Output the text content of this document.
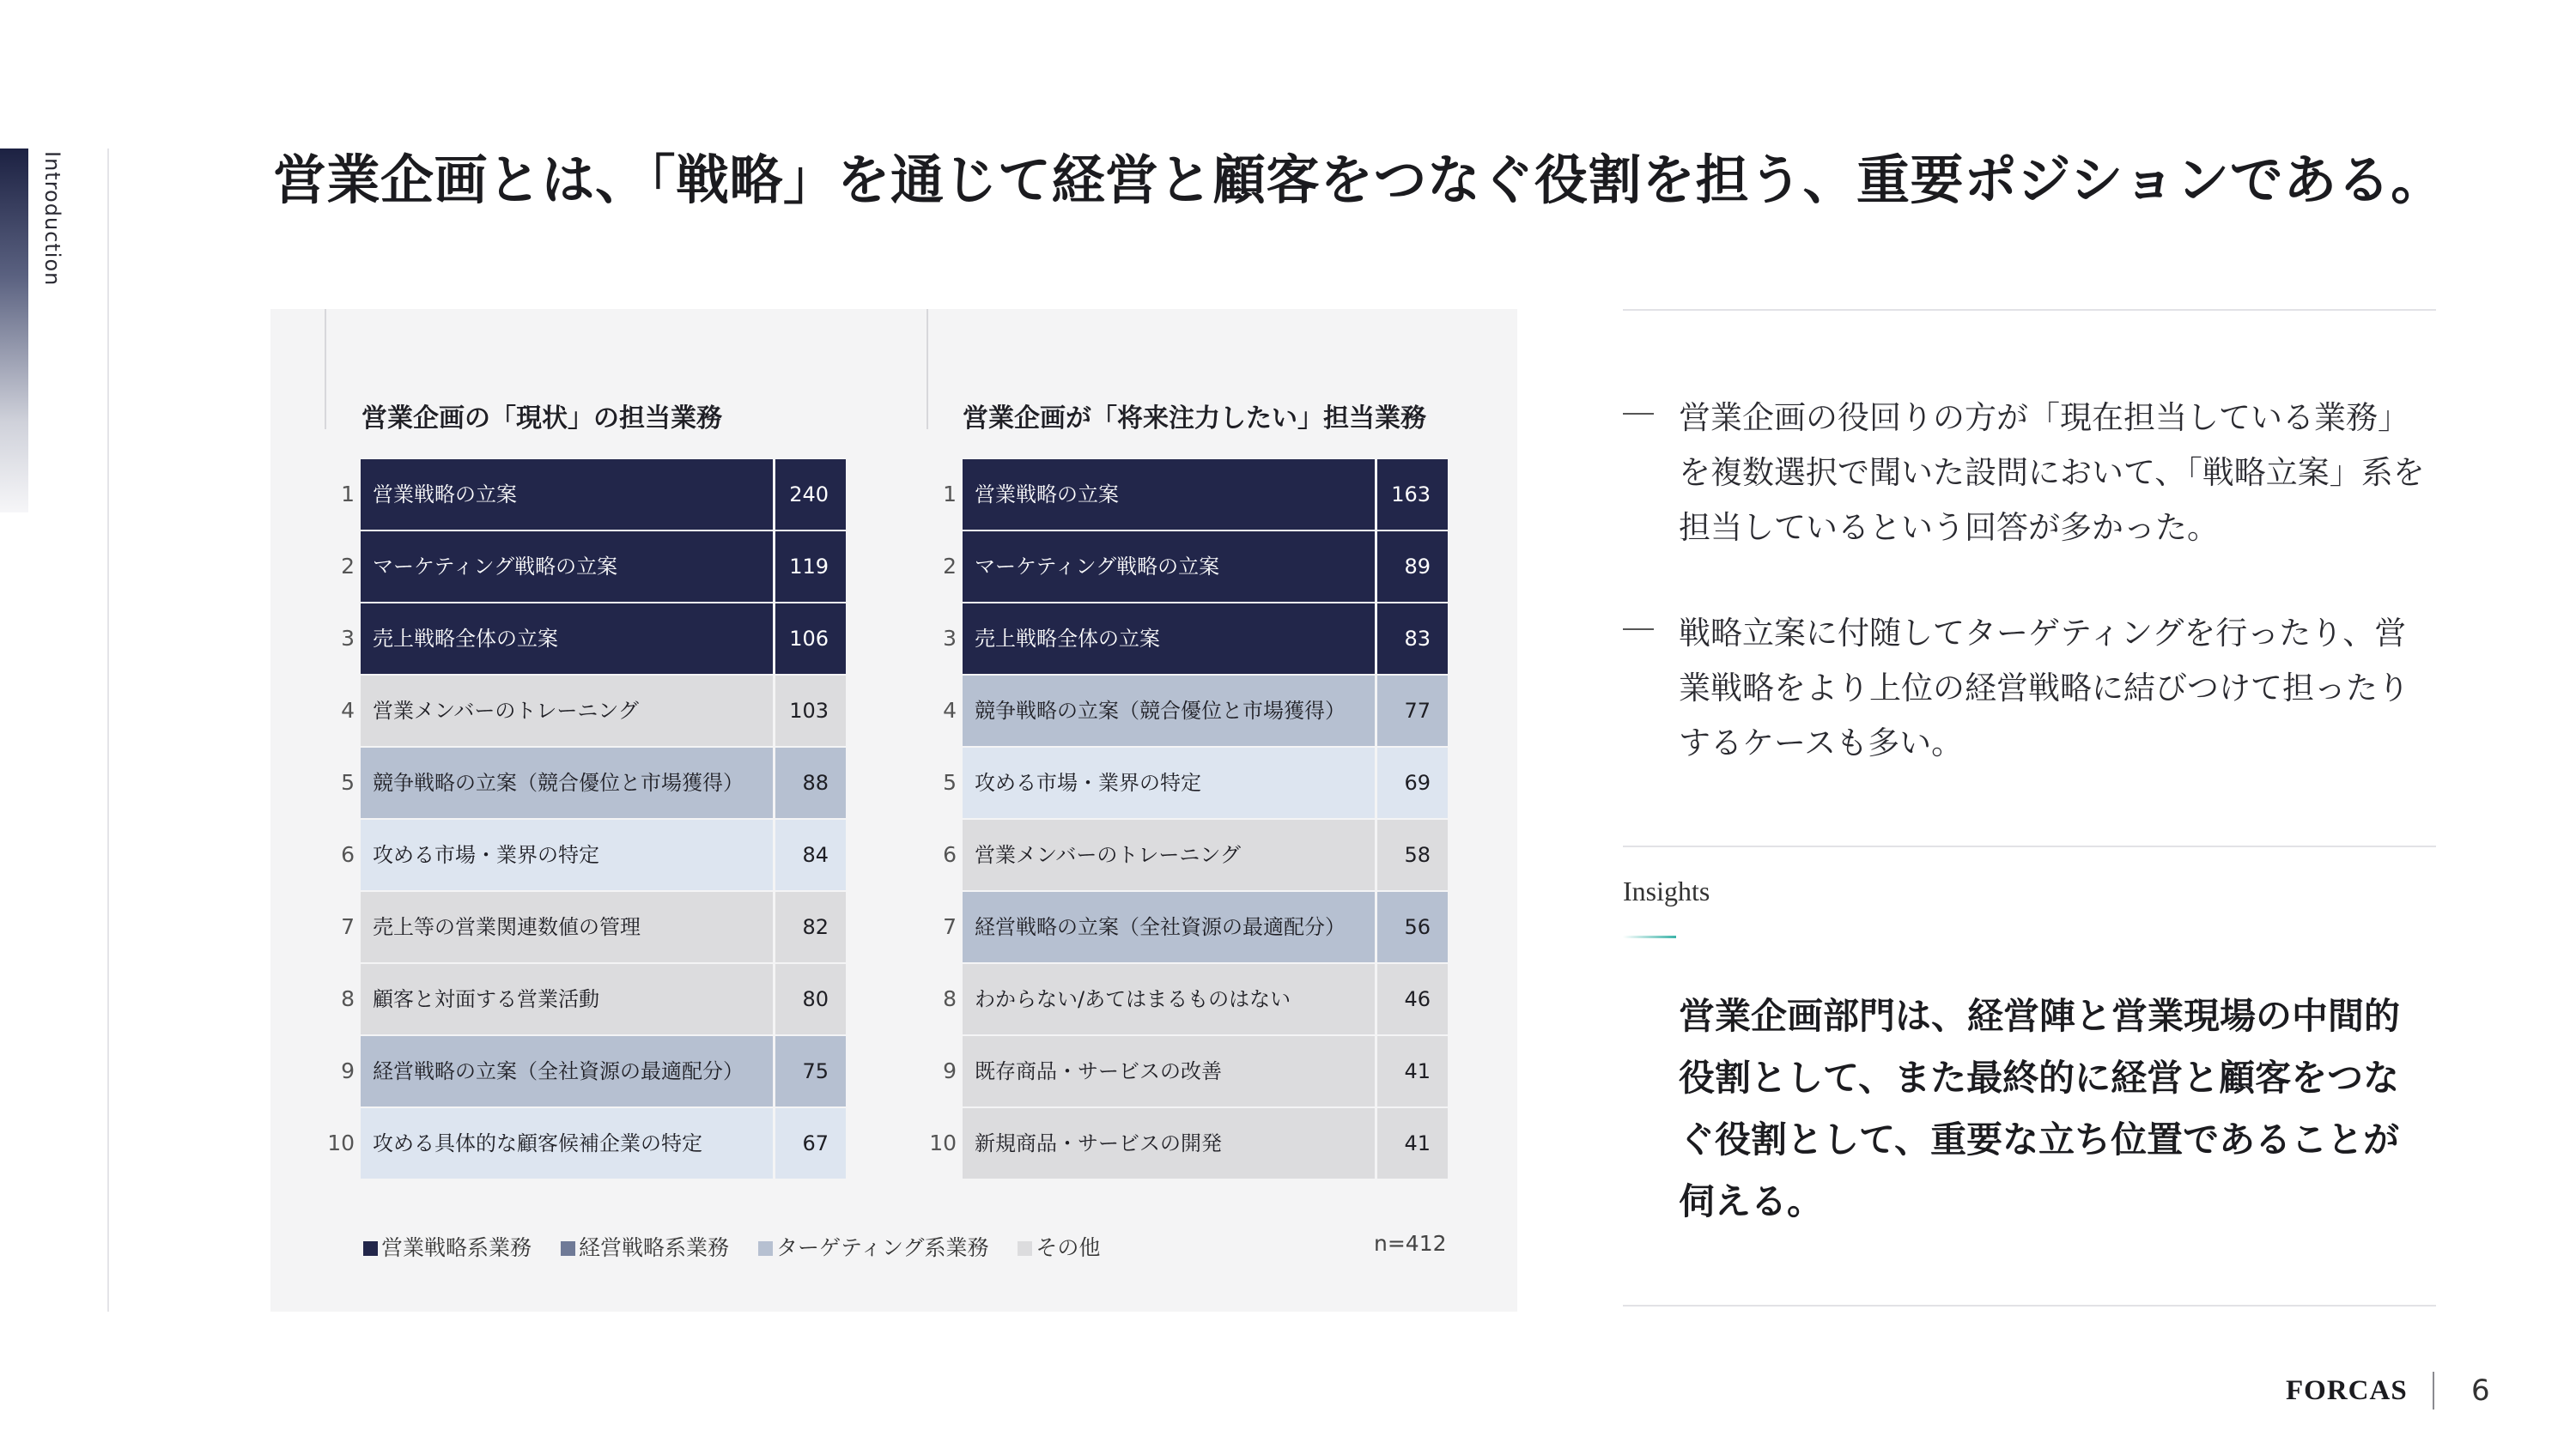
Introduction	営業企画とは、「戦略」を通じて経営と顧客をつなぐ役割を担う、重要ポジションである。
営業企画の「現状」の担当業務	営業企画が「将来注力したい」担当業務
1 営業戦略の立案	240
2 マーケティング戦略の立案	119
3 売上戦略全体の立案	106
4 営業メンバーのトレーニング	103
5 競争戦略の立案（競合優位と市場獲得）	88
6 攻める市場・業界の特定	84
7 売上等の営業関連数値の管理	82
8 顧客と対面する営業活動	80
9 経営戦略の立案（全社資源の最適配分）	75
10 攻める具体的な顧客候補企業の特定	67
1 営業戦略の立案	163
2 マーケティング戦略の立案	89
3 売上戦略全体の立案	83
4 競争戦略の立案（競合優位と市場獲得）	77
5 攻める市場・業界の特定	69
6 営業メンバーのトレーニング	58
7 経営戦略の立案（全社資源の最適配分）	56
8 わからない/あてはまるものはない	46
9 既存商品・サービスの改善	41
10 新規商品・サービスの開発	41
営業戦略系業務 経営戦略系業務 ターゲティング系業務 その他	n=412
営業企画の役回りの方が「現在担当している業務」を複数選択で聞いた設問において、「戦略立案」系を担当しているという回答が多かった。
戦略立案に付随してターゲティングを行ったり、営業戦略をより上位の経営戦略に結びつけて担ったりするケースも多い。
Insights
営業企画部門は、経営陣と営業現場の中間的役割として、また最終的に経営と顧客をつなぐ役割として、重要な立ち位置であることが伺える。
FORCAS 6
